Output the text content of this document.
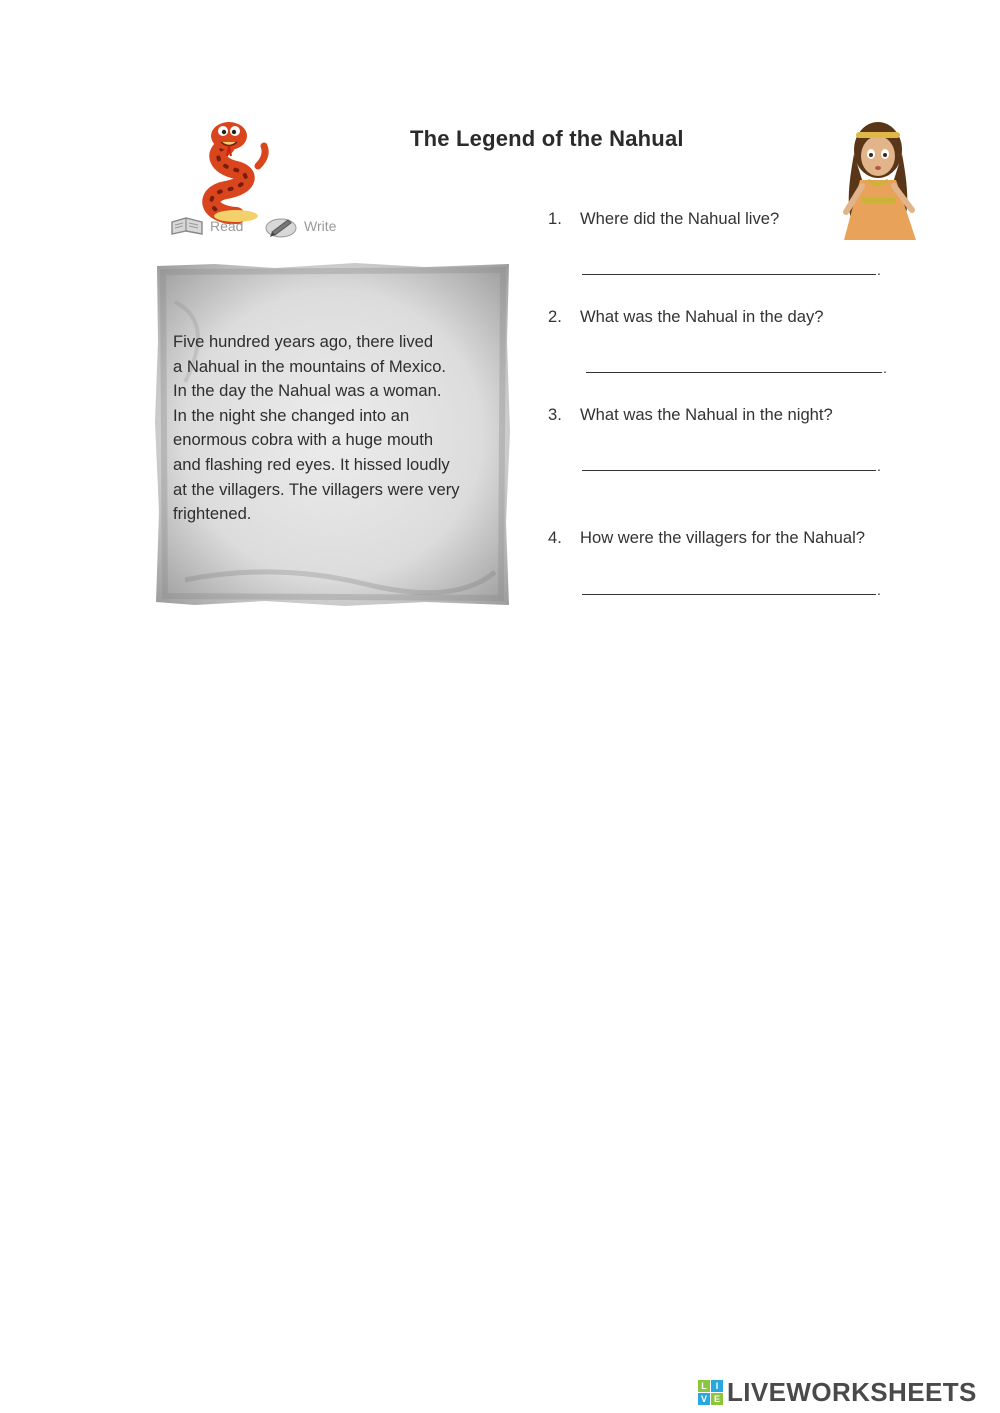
The Legend of the Nahual
Read	Write
Five hundred years ago, there lived
a Nahual in the mountains of Mexico.
In the day the Nahual was a woman.
In the night she changed into an
enormous cobra with a huge mouth
and flashing red eyes. It hissed loudly
at the villagers. The villagers were very
frightened.
1.	Where did the Nahual live?
.
2.	What was the Nahual in the day?
.
3.	What was the Nahual in the night?
.
4.	How were the villagers for the Nahual?
.
L I
V E LIVEWORKSHEETS
